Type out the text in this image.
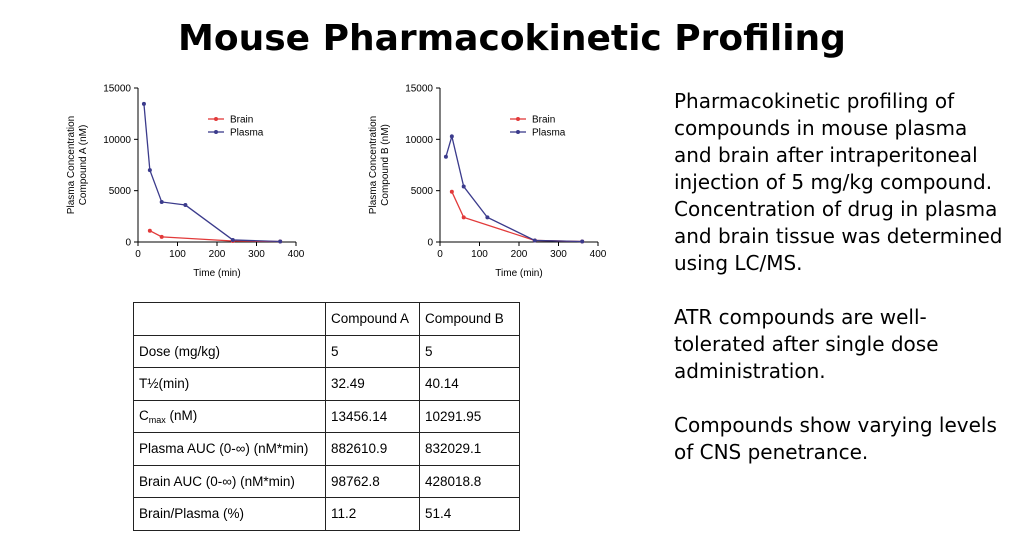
Mouse Pharmacokinetic Profiling
0
5000
10000
15000
0	100 200 300 400
Time (min)
Plasma Concentration Compound A (nM)
Brain
Plasma
0
5000
10000
15000
0	100 200 300 400
Time (min)
Plasma Concentration Compound B (nM)
Brain
Plasma
	Compound A	Compound B
Dose (mg/kg)	5	5
T½(min)	32.49	40.14
$C_{max}$ (nM)	13456.14	10291.95
Plasma AUC (0-∞) (nM*min)	882610.9	832029.1
Brain AUC (0-∞) (nM*min)	98762.8	428018.8
Brain/Plasma (%)	11.2	51.4

Pharmacokinetic profiling of compounds in mouse plasma and brain after intraperitoneal injection of 5 mg/kg compound. Concentration of drug in plasma and brain tissue was determined using LC/MS.

ATR compounds are well-tolerated after single dose administration.

Compounds show varying levels of CNS penetrance.
